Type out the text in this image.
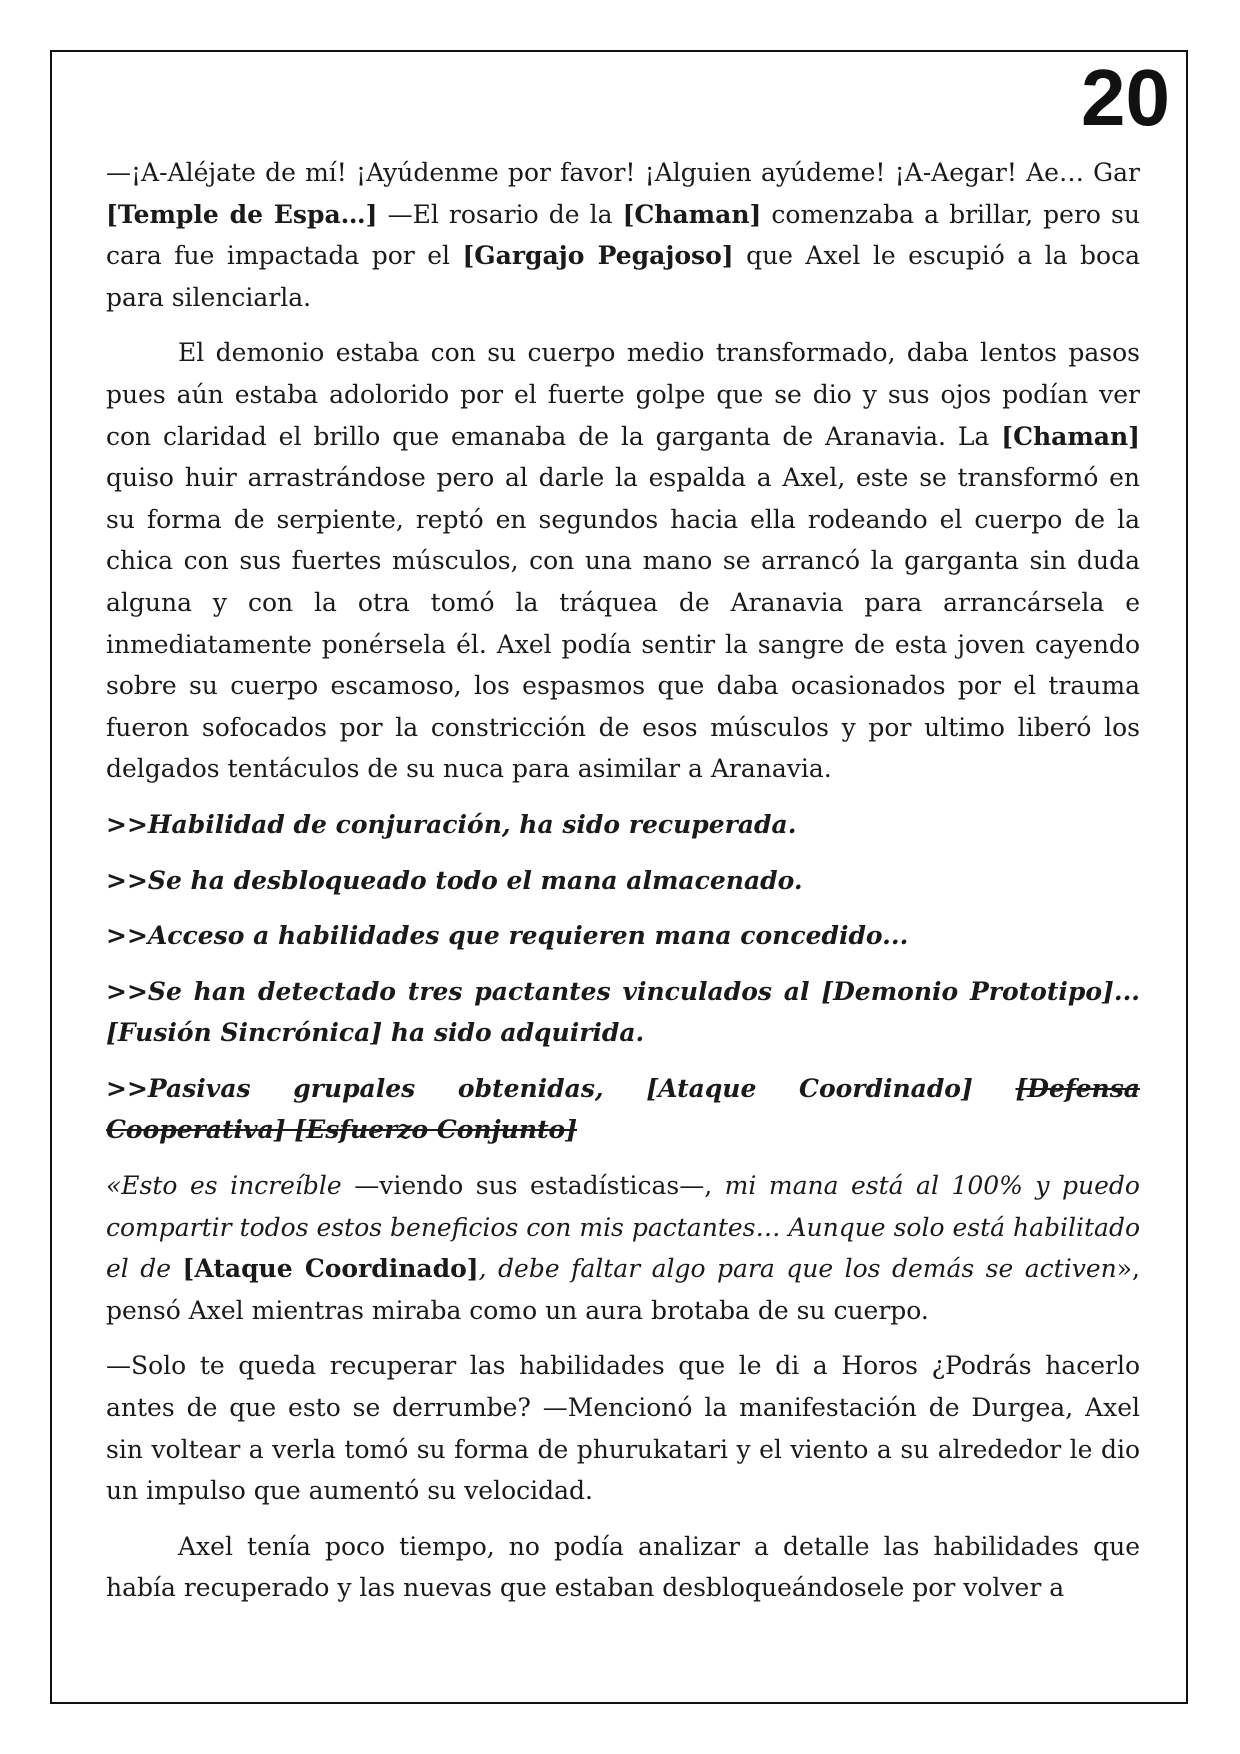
20

—¡A-Aléjate de mí! ¡Ayúdenme por favor! ¡Alguien ayúdeme! ¡A-Aegar! Ae… Gar [Temple de Espa…] —El rosario de la [Chaman] comenzaba a brillar, pero su cara fue impactada por el [Gargajo Pegajoso] que Axel le escupió a la boca para silenciarla.

El demonio estaba con su cuerpo medio transformado, daba lentos pasos pues aún estaba adolorido por el fuerte golpe que se dio y sus ojos podían ver con claridad el brillo que emanaba de la garganta de Aranavia. La [Chaman] quiso huir arrastrándose pero al darle la espalda a Axel, este se transformó en su forma de serpiente, reptó en segundos hacia ella rodeando el cuerpo de la chica con sus fuertes músculos, con una mano se arrancó la garganta sin duda alguna y con la otra tomó la tráquea de Aranavia para arrancársela e inmediatamente ponérsela él. Axel podía sentir la sangre de esta joven cayendo sobre su cuerpo escamoso, los espasmos que daba ocasionados por el trauma fueron sofocados por la constricción de esos músculos y por ultimo liberó los delgados tentáculos de su nuca para asimilar a Aranavia.

>>Habilidad de conjuración, ha sido recuperada.

>>Se ha desbloqueado todo el mana almacenado.

>>Acceso a habilidades que requieren mana concedido...

>>Se han detectado tres pactantes vinculados al [Demonio Prototipo]... [Fusión Sincrónica] ha sido adquirida.

>>Pasivas grupales obtenidas, [Ataque Coordinado] [Defensa Cooperativa] [Esfuerzo Conjunto]

«Esto es increíble —viendo sus estadísticas—, mi mana está al 100% y puedo compartir todos estos beneficios con mis pactantes… Aunque solo está habilitado el de [Ataque Coordinado], debe faltar algo para que los demás se activen», pensó Axel mientras miraba como un aura brotaba de su cuerpo.

—Solo te queda recuperar las habilidades que le di a Horos ¿Podrás hacerlo antes de que esto se derrumbe? —Mencionó la manifestación de Durgea, Axel sin voltear a verla tomó su forma de phurukatari y el viento a su alrededor le dio un impulso que aumentó su velocidad.

Axel tenía poco tiempo, no podía analizar a detalle las habilidades que había recuperado y las nuevas que estaban desbloqueándosele por volver a
